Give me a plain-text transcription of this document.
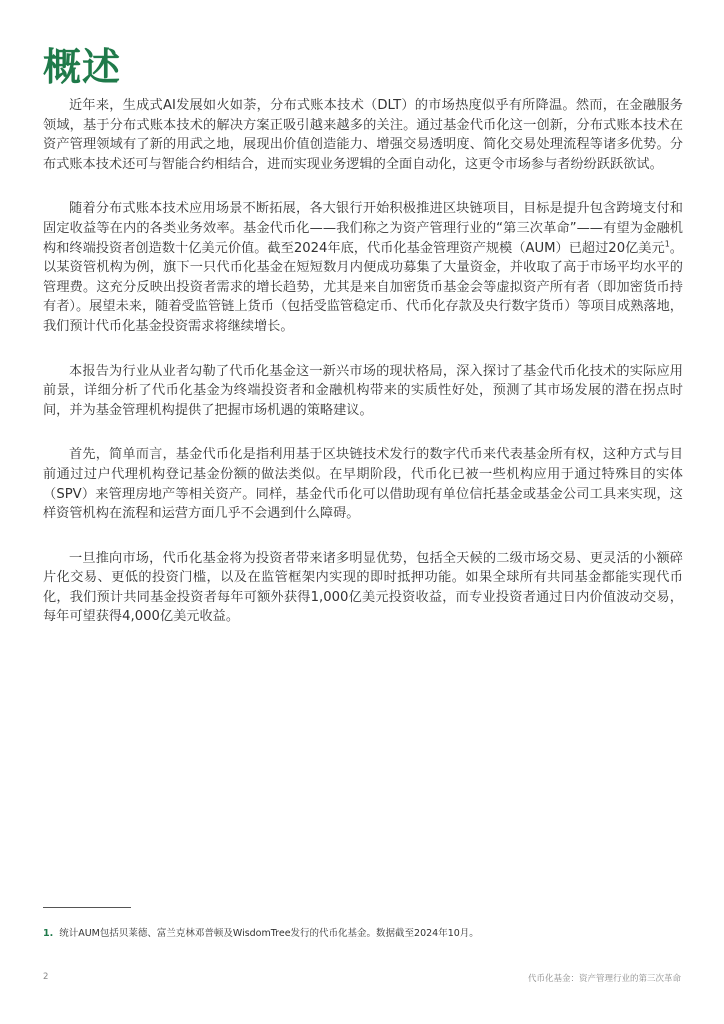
概述

近年来，生成式AI发展如火如荼，分布式账本技术（DLT）的市场热度似乎有所降温。然而，在金融服务领域，基于分布式账本技术的解决方案正吸引越来越多的关注。通过基金代币化这一创新，分布式账本技术在资产管理领域有了新的用武之地，展现出价值创造能力、增强交易透明度、简化交易处理流程等诸多优势。分布式账本技术还可与智能合约相结合，进而实现业务逻辑的全面自动化，这更令市场参与者纷纷跃跃欲试。

随着分布式账本技术应用场景不断拓展，各大银行开始积极推进区块链项目，目标是提升包含跨境支付和固定收益等在内的各类业务效率。基金代币化——我们称之为资产管理行业的“第三次革命”——有望为金融机构和终端投资者创造数十亿美元价值。截至2024年底，代币化基金管理资产规模（AUM）已超过20亿美元$^1$。以某资管机构为例，旗下一只代币化基金在短短数月内便成功募集了大量资金，并收取了高于市场平均水平的管理费。这充分反映出投资者需求的增长趋势，尤其是来自加密货币基金会等虚拟资产所有者（即加密货币持有者）。展望未来，随着受监管链上货币（包括受监管稳定币、代币化存款及央行数字货币）等项目成熟落地，我们预计代币化基金投资需求将继续增长。

本报告为行业从业者勾勒了代币化基金这一新兴市场的现状格局，深入探讨了基金代币化技术的实际应用前景，详细分析了代币化基金为终端投资者和金融机构带来的实质性好处，预测了其市场发展的潜在拐点时间，并为基金管理机构提供了把握市场机遇的策略建议。

首先，简单而言，基金代币化是指利用基于区块链技术发行的数字代币来代表基金所有权，这种方式与目前通过过户代理机构登记基金份额的做法类似。在早期阶段，代币化已被一些机构应用于通过特殊目的实体（SPV）来管理房地产等相关资产。同样，基金代币化可以借助现有单位信托基金或基金公司工具来实现，这样资管机构在流程和运营方面几乎不会遇到什么障碍。

一旦推向市场，代币化基金将为投资者带来诸多明显优势，包括全天候的二级市场交易、更灵活的小额碎片化交易、更低的投资门槛，以及在监管框架内实现的即时抵押功能。如果全球所有共同基金都能实现代币化，我们预计共同基金投资者每年可额外获得1,000亿美元投资收益，而专业投资者通过日内价值波动交易，每年可望获得4,000亿美元收益。

1. 统计AUM包括贝莱德、富兰克林邓普顿及WisdomTree发行的代币化基金。数据截至2024年10月。
2	代币化基金：资产管理行业的第三次革命
